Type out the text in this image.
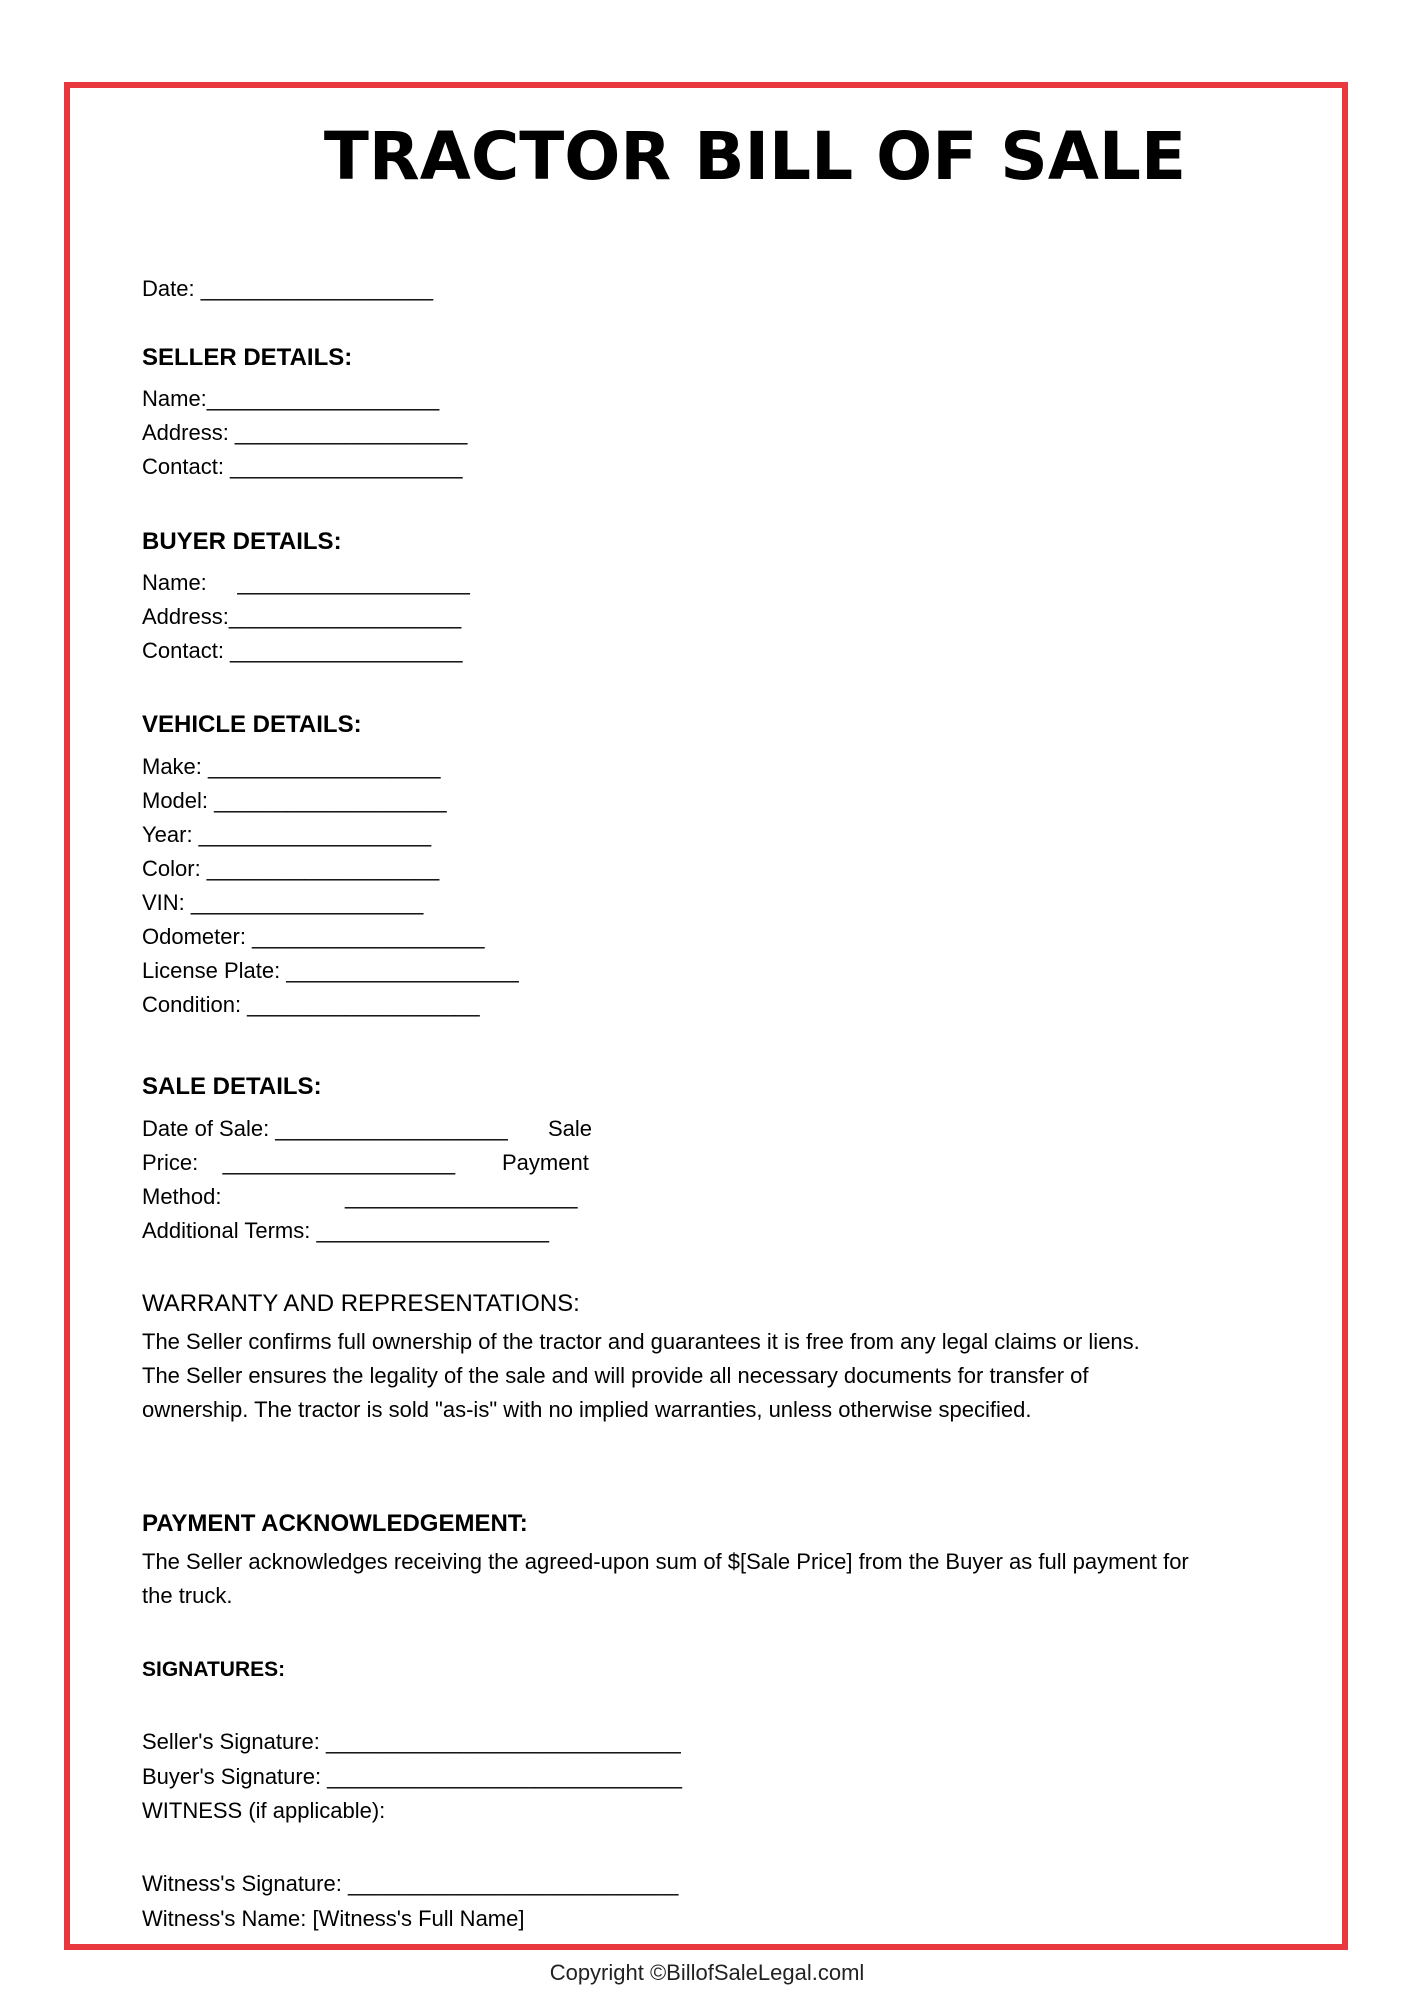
TRACTOR BILL OF SALE
Date: ___________________
SELLER DETAILS:
Name:___________________
Address: ___________________
Contact: ___________________
BUYER DETAILS:
Name:     ___________________
Address:___________________
Contact: ___________________
VEHICLE DETAILS:
Make: ___________________
Model: ___________________
Year: ___________________
Color: ___________________
VIN: ___________________
Odometer: ___________________
License Plate: ___________________
Condition: ___________________
SALE DETAILS:
Date of Sale: ___________________ Sale
Price:    ___________________ Payment
Method:	___________________
Additional Terms: ___________________
WARRANTY AND REPRESENTATIONS:
The Seller confirms full ownership of the tractor and guarantees it is free from any legal claims or liens.
The Seller ensures the legality of the sale and will provide all necessary documents for transfer of
ownership. The tractor is sold "as-is" with no implied warranties, unless otherwise specified.
PAYMENT ACKNOWLEDGEMENT:
The Seller acknowledges receiving the agreed-upon sum of $[Sale Price] from the Buyer as full payment for
the truck.
SIGNATURES:
Seller's Signature: _____________________________
Buyer's Signature: _____________________________
WITNESS (if applicable):
Witness's Signature: ___________________________
Witness's Name: [Witness's Full Name]
Copyright ©BillofSaleLegal.coml
